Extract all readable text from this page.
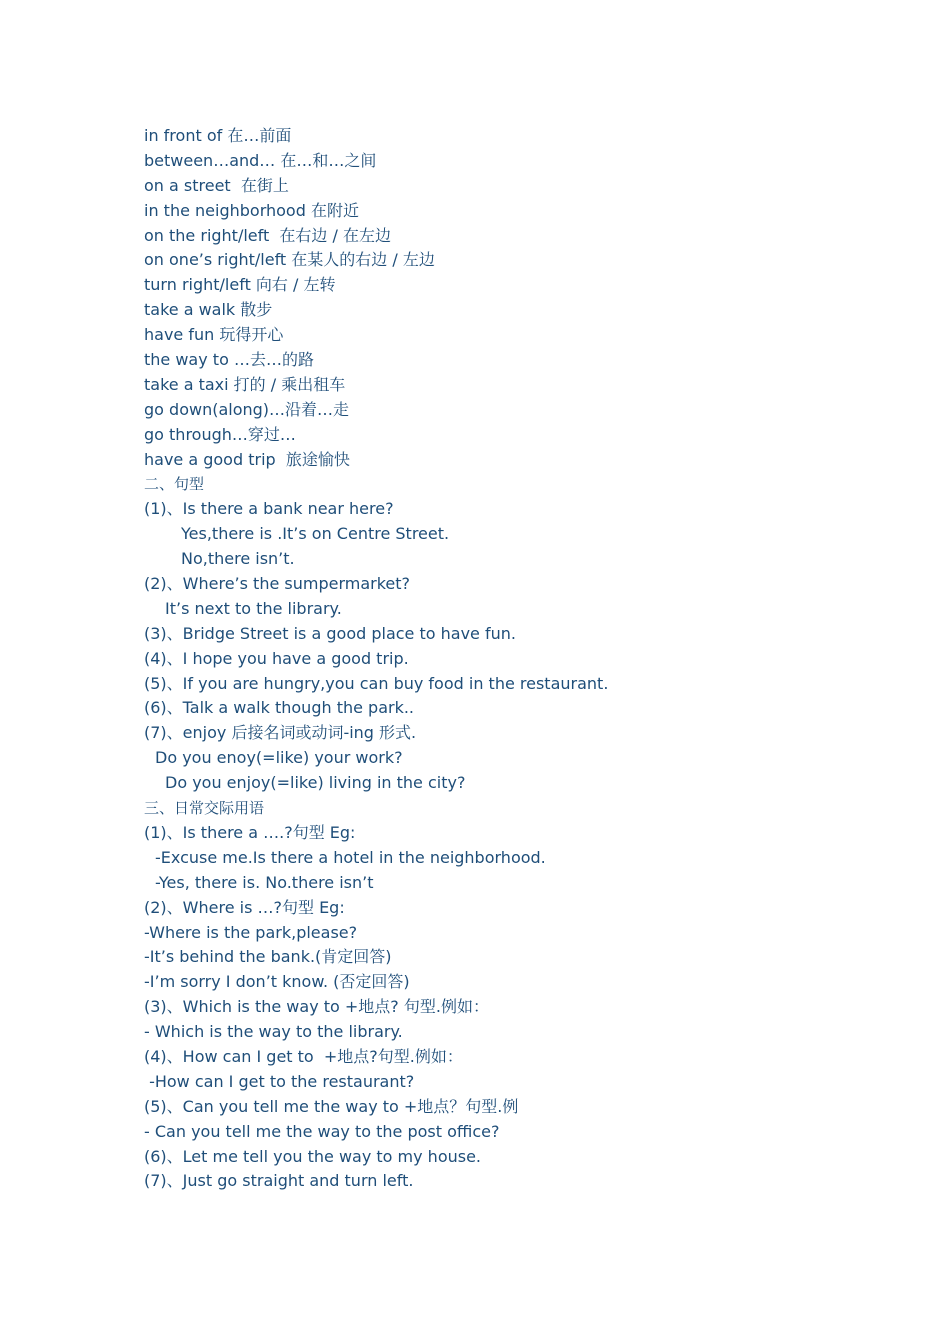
in front of 在…前面
between…and… 在…和…之间
on a street  在街上
in the neighborhood 在附近
on the right/left  在右边 / 在左边
on one’s right/left 在某人的右边 / 左边
turn right/left 向右 / 左转
take a walk 散步
have fun 玩得开心
the way to …去…的路
take a taxi 打的 / 乘出租车
go down(along)…沿着…走
go through…穿过…
have a good trip  旅途愉快
二、句型
(1)、Is there a bank near here?
Yes,there is .It’s on Centre Street.
No,there isn’t.
(2)、Where’s the sumpermarket?
It’s next to the library.
(3)、Bridge Street is a good place to have fun.
(4)、I hope you have a good trip.
(5)、If you are hungry,you can buy food in the restaurant.
(6)、Talk a walk though the park..
(7)、enjoy 后接名词或动词-ing 形式.
Do you enoy(=like) your work?
Do you enjoy(=like) living in the city?
三、日常交际用语
(1)、Is there a ….?句型 Eg:
-Excuse me.Is there a hotel in the neighborhood.
-Yes, there is. No.there isn’t
(2)、Where is …?句型 Eg:
-Where is the park,please?
-It’s behind the bank.(肯定回答)
-I’m sorry I don’t know. (否定回答)
(3)、Which is the way to +地点? 句型.例如：
- Which is the way to the library.
(4)、How can I get to  +地点?句型.例如：
-How can I get to the restaurant?
(5)、Can you tell me the way to +地点？句型.例
- Can you tell me the way to the post office?
(6)、Let me tell you the way to my house.
(7)、Just go straight and turn left.
